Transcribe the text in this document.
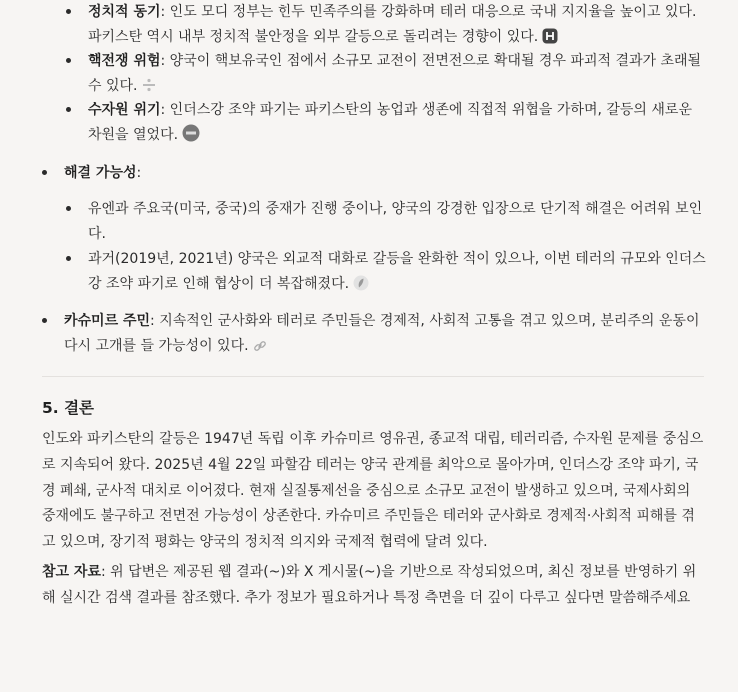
정치적 동기: 인도 모디 정부는 힌두 민족주의를 강화하며 테러 대응으로 국내 지지율을 높이고 있다. 파키스탄 역시 내부 정치적 불안정을 외부 갈등으로 돌리려는 경향이 있다.
핵전쟁 위험: 양국이 핵보유국인 점에서 소규모 교전이 전면전으로 확대될 경우 파괴적 결과가 초래될 수 있다.
수자원 위기: 인더스강 조약 파기는 파키스탄의 농업과 생존에 직접적 위협을 가하며, 갈등의 새로운 차원을 열었다.
해결 가능성:
유엔과 주요국(미국, 중국)의 중재가 진행 중이나, 양국의 강경한 입장으로 단기적 해결은 어려워 보인다.
과거(2019년, 2021년) 양국은 외교적 대화로 갈등을 완화한 적이 있으나, 이번 테러의 규모와 인더스강 조약 파기로 인해 협상이 더 복잡해졌다.
카슈미르 주민: 지속적인 군사화와 테러로 주민들은 경제적, 사회적 고통을 겪고 있으며, 분리주의 운동이 다시 고개를 들 가능성이 있다.
5. 결론
인도와 파키스탄의 갈등은 1947년 독립 이후 카슈미르 영유권, 종교적 대립, 테러리즘, 수자원 문제를 중심으로 지속되어 왔다. 2025년 4월 22일 파할감 테러는 양국 관계를 최악으로 몰아가며, 인더스강 조약 파기, 국경 폐쇄, 군사적 대치로 이어졌다. 현재 실질통제선을 중심으로 소규모 교전이 발생하고 있으며, 국제사회의 중재에도 불구하고 전면전 가능성이 상존한다. 카슈미르 주민들은 테러와 군사화로 경제적·사회적 피해를 겪고 있으며, 장기적 평화는 양국의 정치적 의지와 국제적 협력에 달려 있다.
참고 자료: 위 답변은 제공된 웹 결과(~)와 X 게시물(~)을 기반으로 작성되었으며, 최신 정보를 반영하기 위해 실시간 검색 결과를 참조했다. 추가 정보가 필요하거나 특정 측면을 더 깊이 다루고 싶다면 말씀해주세요
